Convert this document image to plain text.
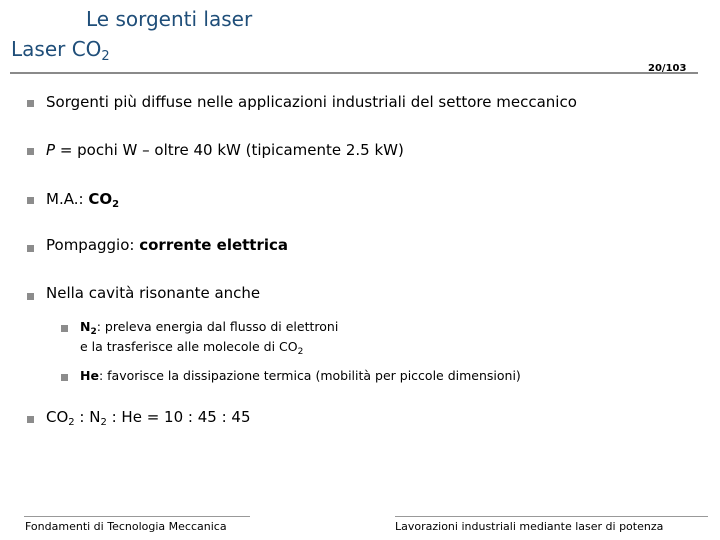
Le sorgenti laser
Laser $CO_2$
20/103
Sorgenti più diffuse nelle applicazioni industriali del settore meccanico
P = pochi W – oltre 40 kW (tipicamente 2.5 kW)
M.A.: $CO_2$
Pompaggio: corrente elettrica
Nella cavità risonante anche
$N_2$: preleva energia dal flusso di elettroni
e la trasferisce alle molecole di $CO_2$
He: favorisce la dissipazione termica (mobilità per piccole dimensioni)
$CO_2$ : $N_2$ : He = 10 : 45 : 45
Fondamenti di Tecnologia Meccanica	Lavorazioni industriali mediante laser di potenza
